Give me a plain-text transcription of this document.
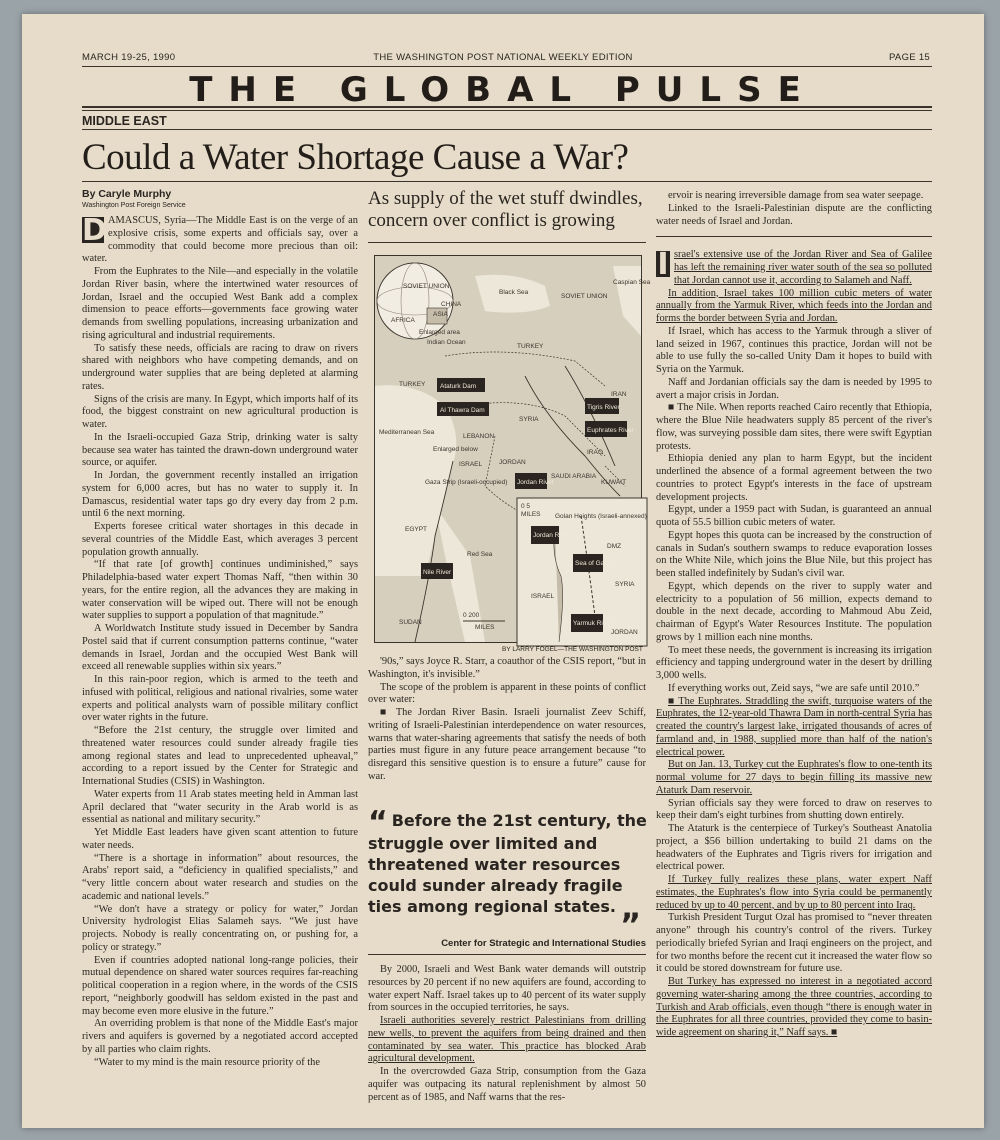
MARCH 19-25, 1990	THE WASHINGTON POST NATIONAL WEEKLY EDITION	PAGE 15
THE GLOBAL PULSE
MIDDLE EAST
Could a Water Shortage Cause a War?
By Caryle Murphy
Washington Post Foreign Service

D AMASCUS, Syria—The Middle East is on the verge of an explosive crisis, some experts and officials say, over a commodity that could become more precious than oil: water.

From the Euphrates to the Nile—and especially in the volatile Jordan River basin, where the intertwined water resources of Jordan, Israel and the occupied West Bank add a complex dimension to peace efforts—governments face growing water demands from swelling populations, increasing urbanization and rising agricultural and industrial requirements.

To satisfy these needs, officials are racing to draw on rivers shared with neighbors who have competing demands, and on underground water supplies that are being depleted at alarming rates.

Signs of the crisis are many. In Egypt, which imports half of its food, the biggest constraint on new agricultural production is water.

In the Israeli-occupied Gaza Strip, drinking water is salty because sea water has tainted the drawn-down underground water source, or aquifer.

In Jordan, the government recently installed an irrigation system for 6,000 acres, but has no water to supply it. In Damascus, residential water taps go dry every day from 2 p.m. until 6 the next morning.

Experts foresee critical water shortages in this decade in several countries of the Middle East, which averages 3 percent population growth annually.

“If that rate [of growth] continues undiminished,” says Philadelphia-based water expert Thomas Naff, “then within 30 years, for the entire region, all the advances they are making in water conservation will be wiped out. There will not be enough water supplies to support a population of that magnitude.”

A Worldwatch Institute study issued in December by Sandra Postel said that if current consumption patterns continue, “water demands in Israel, Jordan and the occupied West Bank will exceed all renewable supplies within six years.”

In this rain-poor region, which is armed to the teeth and infused with political, religious and national rivalries, some water experts and political analysts warn of possible military conflict over water rights in the future.

“Before the 21st century, the struggle over limited and threatened water resources could sunder already fragile ties among regional states and lead to unprecedented upheaval,” according to a report issued by the Center for Strategic and International Studies (CSIS) in Washington.

Water experts from 11 Arab states meeting held in Amman last April declared that “water security in the Arab world is as essential as national and military security.”

Yet Middle East leaders have given scant attention to future water needs.

“There is a shortage in information” about resources, the Arabs' report said, a “deficiency in qualified specialists,” and “very little concern about water research and studies on the academic and national levels.”

“We don't have a strategy or policy for water,” Jordan University hydrologist Elias Salameh says. “We just have projects. Nobody is really concentrating on, or pushing for, a policy or strategy.”

Even if countries adopted national long-range policies, their mutual dependence on shared water sources requires far-reaching political cooperation in a region where, in the words of the CSIS report, “neighborly goodwill has seldom existed in the past and may become even more elusive in the future.”

An overriding problem is that none of the Middle East's major rivers and aquifers is governed by a negotiated accord accepted by all parties who claim rights.

“Water to my mind is the main resource priority of the

As supply of the wet stuff dwindles, concern over conflict is growing
SOVIET UNION
CHINA
ASIA
AFRICA
Enlarged area
Indian Ocean
SOVIET UNION
Caspian Sea
Black Sea
TURKEY
TURKEY
IRAN
SYRIA
IRAQ
KUWAIT
SAUDI ARABIA
JORDAN
ISRAEL
LEBANON
EGYPT
SUDAN
Mediterranean Sea
Red Sea
Gaza Strip (Israeli-occupied)
Enlarged below
Ataturk Dam
Al Thawra Dam	Tigris River
Euphrates River
Jordan River
Nile River
0 200
MILES
0 5
MILES Golan Heights (Israeli-annexed)
DMZ
SYRIA
ISRAEL
JORDAN
Jordan River
Sea of Galilee
Yarmuk River
BY LARRY FOGEL—THE WASHINGTON POST

'90s,” says Joyce R. Starr, a coauthor of the CSIS report, “but in Washington, it's invisible.”

The scope of the problem is apparent in these points of conflict over water:

■ The Jordan River Basin. Israeli journalist Zeev Schiff, writing of Israeli-Palestinian interdependence on water resources, warns that water-sharing agreements that satisfy the needs of both parties must figure in any future peace arrangement because “to disregard this sensitive question is to ensure a future” cause for war.

“ Before the 21st century, the struggle over limited and threatened water resources could sunder already fragile ties among regional states. ”
Center for Strategic and International Studies

By 2000, Israeli and West Bank water demands will outstrip resources by 20 percent if no new aquifers are found, according to water expert Naff. Israel takes up to 40 percent of its water supply from sources in the occupied territories, he says.

Israeli authorities severely restrict Palestinians from drilling new wells, to prevent the aquifers from being drained and then contaminated by sea water. This practice has blocked Arab agricultural development.

In the overcrowded Gaza Strip, consumption from the Gaza aquifer was outpacing its natural replenishment by almost 50 percent as of 1985, and Naff warns that the res-

ervoir is nearing irreversible damage from sea water seepage.

Linked to the Israeli-Palestinian dispute are the conflicting water needs of Israel and Jordan.

I srael's extensive use of the Jordan River and Sea of Galilee has left the remaining river water south of the sea so polluted that Jordan cannot use it, according to Salameh and Naff.

In addition, Israel takes 100 million cubic meters of water annually from the Yarmuk River, which feeds into the Jordan and forms the border between Syria and Jordan.

If Israel, which has access to the Yarmuk through a sliver of land seized in 1967, continues this practice, Jordan will not be able to use fully the so-called Unity Dam it hopes to build with Syria on the Yarmuk.

Naff and Jordanian officials say the dam is needed by 1995 to avert a major crisis in Jordan.

■ The Nile. When reports reached Cairo recently that Ethiopia, where the Blue Nile headwaters supply 85 percent of the river's flow, was surveying possible dam sites, there were swift Egyptian protests.

Ethiopia denied any plan to harm Egypt, but the incident underlined the absence of a formal agreement between the two countries to protect Egypt's interests in the face of upstream development projects.

Egypt, under a 1959 pact with Sudan, is guaranteed an annual quota of 55.5 billion cubic meters of water.

Egypt hopes this quota can be increased by the construction of canals in Sudan's southern swamps to reduce evaporation losses on the White Nile, which joins the Blue Nile, but this project has been stalled indefinitely by Sudan's civil war.

Egypt, which depends on the river to supply water and electricity to a population of 56 million, expects demand to double in the next decade, according to Mahmoud Abu Zeid, chairman of Egypt's Water Resources Institute. The population grows by 1 million each nine months.

To meet these needs, the government is increasing its irrigation efficiency and tapping underground water in the desert by drilling 3,000 wells.

If everything works out, Zeid says, “we are safe until 2010.”

■ The Euphrates. Straddling the swift, turquoise waters of the Euphrates, the 12-year-old Thawra Dam in north-central Syria has created the country's largest lake, irrigated thousands of acres of farmland and, in 1988, supplied more than half of the nation's electrical power.

But on Jan. 13, Turkey cut the Euphrates's flow to one-tenth its normal volume for 27 days to begin filling its massive new Ataturk Dam reservoir.

Syrian officials say they were forced to draw on reserves to keep their dam's eight turbines from shutting down entirely.

The Ataturk is the centerpiece of Turkey's Southeast Anatolia project, a $56 billion undertaking to build 21 dams on the headwaters of the Euphrates and Tigris rivers for irrigation and electrical power.

If Turkey fully realizes these plans, water expert Naff estimates, the Euphrates's flow into Syria could be permanently reduced by up to 40 percent, and by up to 80 percent into Iraq.

Turkish President Turgut Ozal has promised to “never threaten anyone” through his country's control of the rivers. Turkey periodically briefed Syrian and Iraqi engineers on the project, and for two months before the recent cut it increased the water flow so it could be stored downstream for future use.

But Turkey has expressed no interest in a negotiated accord governing water-sharing among the three countries, according to Turkish and Arab officials, even though “there is enough water in the Euphrates for all three countries, provided they come to basin-wide agreement on sharing it,” Naff says. ■
